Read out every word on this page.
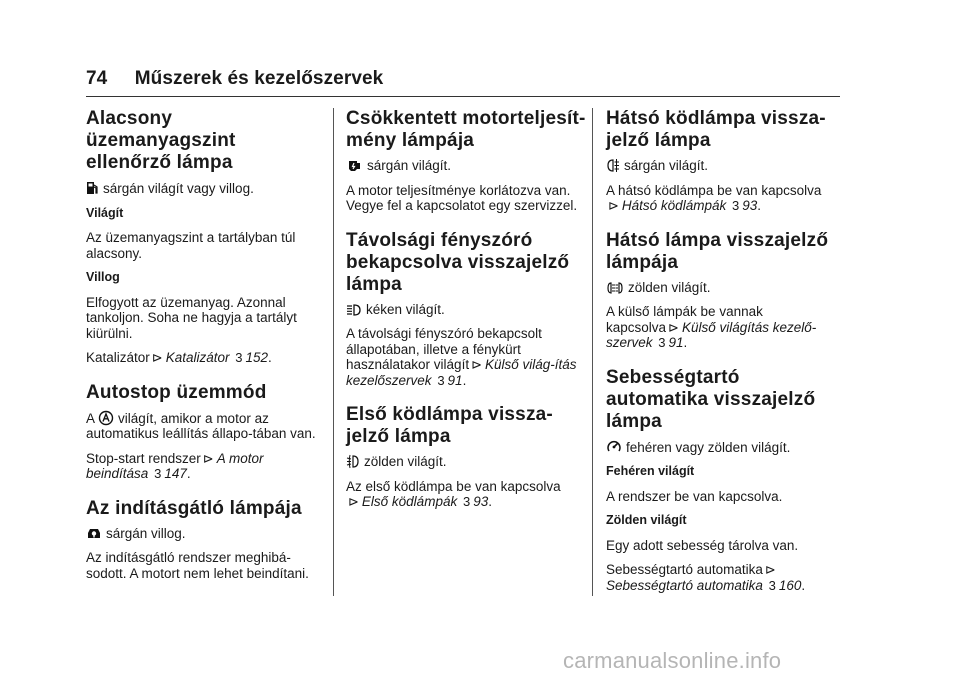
74 Műszerek és kezelőszervek
Alacsony üzemanyagszint ellenőrző lámpa

sárgán világít vagy villog.

Világít

Az üzemanyagszint a tartályban túl alacsony.

Villog

Elfogyott az üzemanyag. Azonnal tankoljon. Soha ne hagyja a tartályt kiürülni.

Katalizátor ⊳ Katalizátor 3 152.

Autostop üzemmód

A világít, amikor a motor az automatikus leállítás állapo-tában van.

Stop-start rendszer ⊳ A motor beindítása 3 147.

Az indításgátló lámpája

sárgán villog.

Az indításgátló rendszer meghibá-sodott. A motort nem lehet beindítani.

Csökkentett motorteljesít-mény lámpája

sárgán világít.

A motor teljesítménye korlátozva van. Vegye fel a kapcsolatot egy szervizzel.

Távolsági fényszóró bekapcsolva visszajelző lámpa

kéken világít.

A távolsági fényszóró bekapcsolt állapotában, illetve a fénykürt használatakor világít ⊳ Külső világ-ítás kezelőszervek 3 91.

Első ködlámpa vissza-jelző lámpa

zölden világít.

Az első ködlámpa be van kapcsolva
⊳ Első ködlámpák 3 93.

Hátsó ködlámpa vissza-jelző lámpa

sárgán világít.

A hátsó ködlámpa be van kapcsolva
⊳ Hátsó ködlámpák 3 93.

Hátsó lámpa visszajelző lámpája

zölden világít.

A külső lámpák be vannak kapcsolva ⊳ Külső világítás kezelő-szervek 3 91.

Sebességtartó automatika visszajelző lámpa

fehéren vagy zölden világít.

Fehéren világít

A rendszer be van kapcsolva.

Zölden világít

Egy adott sebesség tárolva van.

Sebességtartó automatika ⊳
Sebességtartó automatika 3 160.

carmanualsonline.info
